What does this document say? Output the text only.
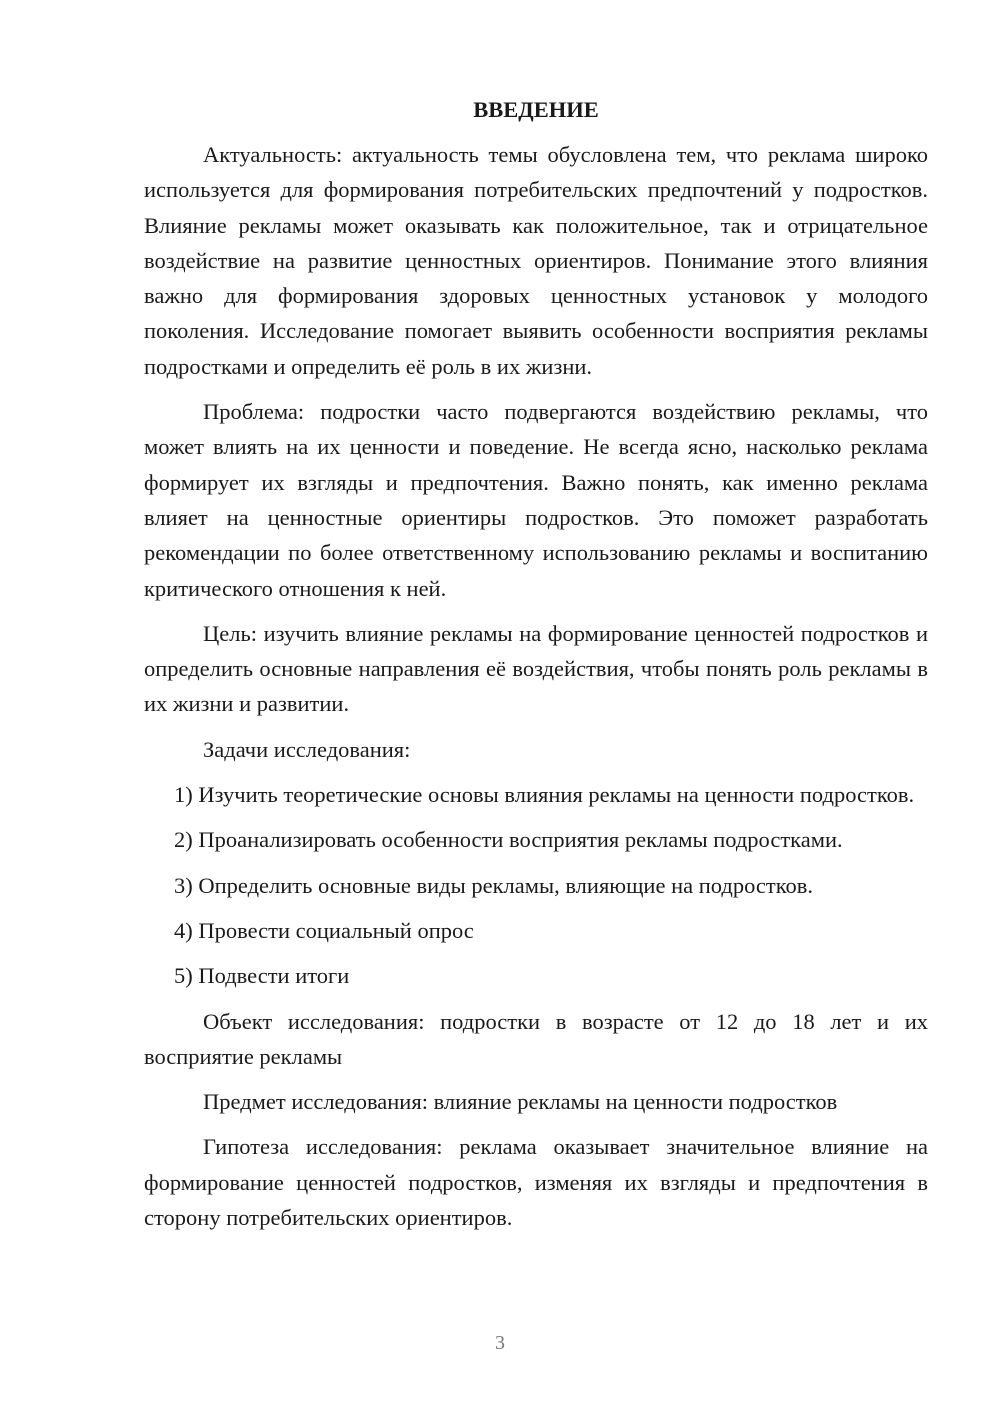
ВВЕДЕНИЕ

Актуальность: актуальность темы обусловлена тем, что реклама широко используется для формирования потребительских предпочтений у подростков. Влияние рекламы может оказывать как положительное, так и отрицательное воздействие на развитие ценностных ориентиров. Понимание этого влияния важно для формирования здоровых ценностных установок у молодого поколения. Исследование помогает выявить особенности восприятия рекламы подростками и определить её роль в их жизни.

Проблема: подростки часто подвергаются воздействию рекламы, что может влиять на их ценности и поведение. Не всегда ясно, насколько реклама формирует их взгляды и предпочтения. Важно понять, как именно реклама влияет на ценностные ориентиры подростков. Это поможет разработать рекомендации по более ответственному использованию рекламы и воспитанию критического отношения к ней.

Цель: изучить влияние рекламы на формирование ценностей подростков и определить основные направления её воздействия, чтобы понять роль рекламы в их жизни и развитии.

Задачи исследования:

1) Изучить теоретические основы влияния рекламы на ценности подростков.

2) Проанализировать особенности восприятия рекламы подростками.

3) Определить основные виды рекламы, влияющие на подростков.

4) Провести социальный опрос

5) Подвести итоги

Объект исследования: подростки в возрасте от 12 до 18 лет и их восприятие рекламы

Предмет исследования: влияние рекламы на ценности подростков

Гипотеза исследования: реклама оказывает значительное влияние на формирование ценностей подростков, изменяя их взгляды и предпочтения в сторону потребительских ориентиров.

3
